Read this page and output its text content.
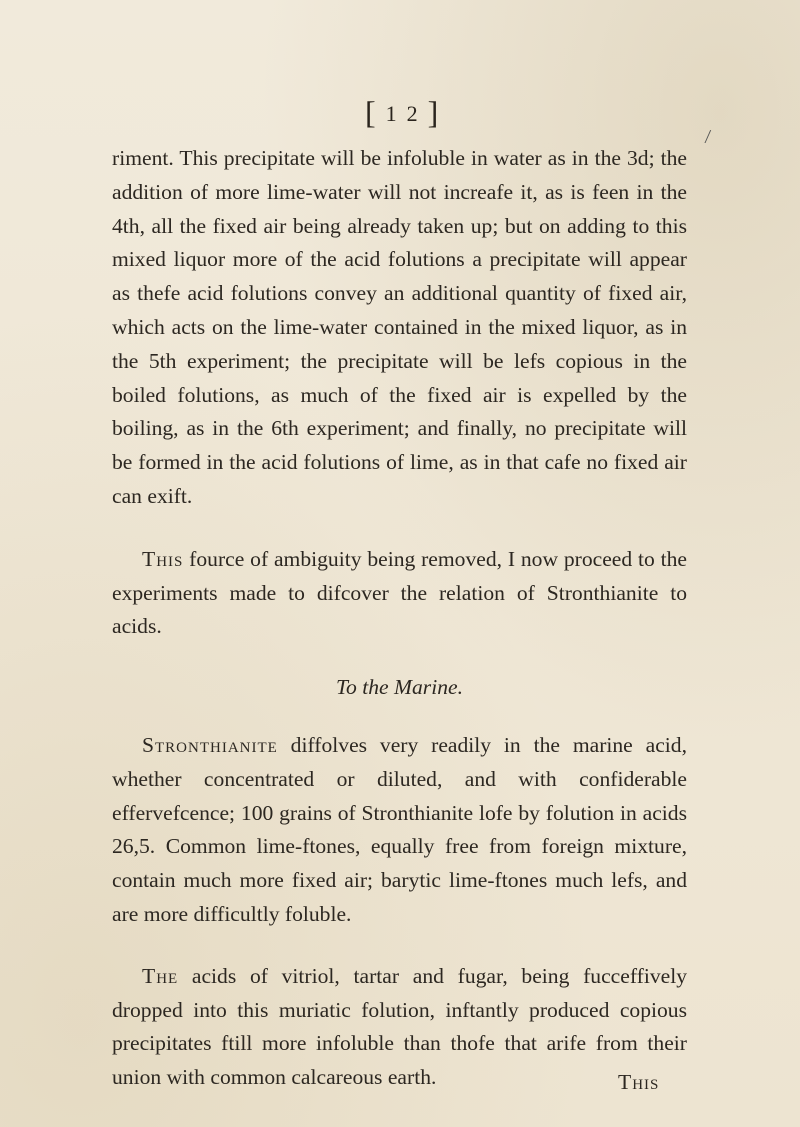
[12]
/

riment. This precipitate will be infoluble in water as in the 3d; the addition of more lime-water will not increafe it, as is feen in the 4th, all the fixed air being already taken up; but on adding to this mixed liquor more of the acid folutions a precipitate will appear as thefe acid folutions convey an additional quantity of fixed air, which acts on the lime-water contained in the mixed liquor, as in the 5th experiment; the precipitate will be lefs copious in the boiled folutions, as much of the fixed air is expelled by the boiling, as in the 6th experiment; and finally, no precipitate will be formed in the acid folutions of lime, as in that cafe no fixed air can exift.

This fource of ambiguity being removed, I now proceed to the experiments made to difcover the relation of Stronthianite to acids.

To the Marine.

Stronthianite diffolves very readily in the marine acid, whether concentrated or diluted, and with confiderable effervefcence; 100 grains of Stronthianite lofe by folution in acids 26,5. Common lime-ftones, equally free from foreign mixture, contain much more fixed air; barytic lime-ftones much lefs, and are more difficultly foluble.

The acids of vitriol, tartar and fugar, being fucceffively dropped into this muriatic folution, inftantly produced copious precipitates ftill more infoluble than thofe that arife from their union with common calcareous earth.	This
